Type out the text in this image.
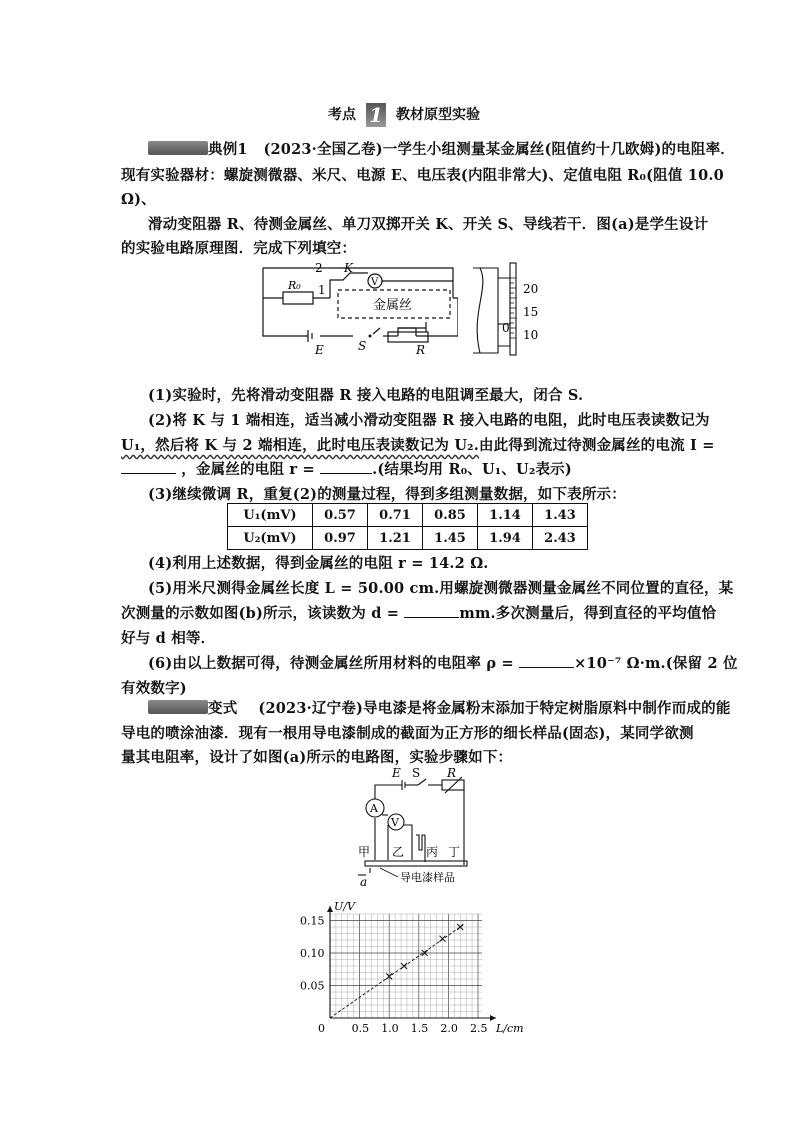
考点 1 教材原型实验
典例1 (2023·全国乙卷)一学生小组测量某金属丝(阻值约十几欧姆)的电阻率．
现有实验器材：螺旋测微器、米尺、电源 E、电压表(内阻非常大)、定值电阻 R₀(阻值 10.0
Ω)、
滑动变阻器 R、待测金属丝、单刀双掷开关 K、开关 S、导线若干．图(a)是学生设计
的实验电路原理图．完成下列填空：
2 K
1
V
R₀
金属丝
E	S	R
20
15
10
0
(1)实验时，先将滑动变阻器 R 接入电路的电阻调至最大，闭合 S.
(2)将 K 与 1 端相连，适当减小滑动变阻器 R 接入电路的电阻，此时电压表读数记为
U₁，然后将 K 与 2 端相连，此时电压表读数记为 U₂.由此得到流过待测金属丝的电流 I =
，金属丝的电阻 r =	.(结果均用 R₀、U₁、U₂表示)
(3)继续微调 R，重复(2)的测量过程，得到多组测量数据，如下表所示：
U₁(mV)	0.57	0.71	0.85	1.14	1.43
U₂(mV)	0.97	1.21	1.45	1.94	2.43
(4)利用上述数据，得到金属丝的电阻 r = 14.2 Ω.
(5)用米尺测得金属丝长度 L = 50.00 cm.用螺旋测微器测量金属丝不同位置的直径，某
次测量的示数如图(b)所示，该读数为 d =	mm.多次测量后，得到直径的平均值恰
好与 d 相等．
(6)由以上数据可得，待测金属丝所用材料的电阻率 ρ =	×10⁻⁷ Ω·m.(保留 2 位
有效数字)
变式 (2023·辽宁卷)导电漆是将金属粉末添加于特定树脂原料中制作而成的能
导电的喷涂油漆．现有一根用导电漆制成的截面为正方形的细长样品(固态)，某同学欲测
量其电阻率，设计了如图(a)所示的电路图，实验步骤如下：
E S R
A
V
甲 乙 丙 丁
a	导电漆样品
0 0.5 1.0 1.5 2.0 2.5
0.05
0.10
0.15
U/V
L/cm
